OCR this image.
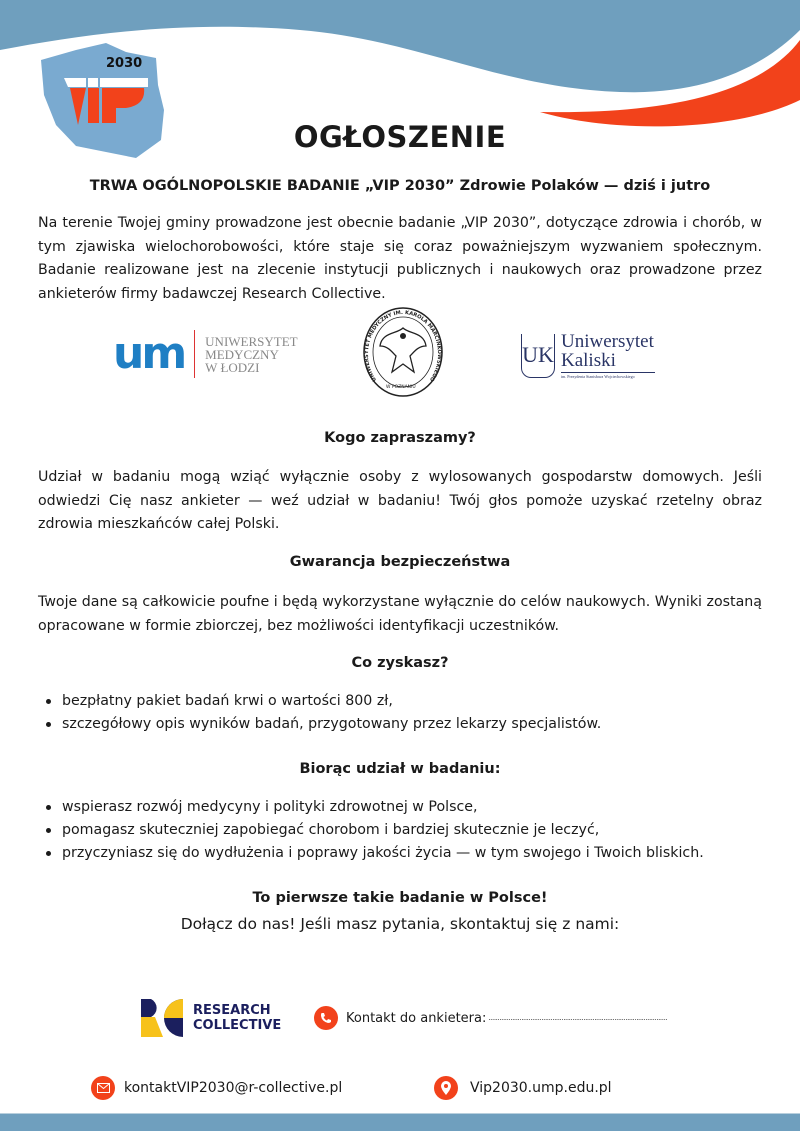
2030
OGŁOSZENIE
TRWA OGÓLNOPOLSKIE BADANIE „VIP 2030” Zdrowie Polaków — dziś i jutro
Na terenie Twojej gminy prowadzone jest obecnie badanie „VIP 2030”, dotyczące zdrowia i chorób, w tym zjawiska wielochorobowości, które staje się coraz poważniejszym wyzwaniem społecznym. Badanie realizowane jest na zlecenie instytucji publicznych i naukowych oraz prowadzone przez ankieterów firmy badawczej Research Collective.
um UNIWERSYTET
MEDYCZNY
W ŁODZI
UNIWERSYTET MEDYCZNY IM. KAROLA MARCINKOWSKIEGO
W POZNANIU
UK
Uniwersytet
Kaliski
im. Prezydenta Stanisława Wojciechowskiego
Kogo zapraszamy?
Udział w badaniu mogą wziąć wyłącznie osoby z wylosowanych gospodarstw domowych. Jeśli odwiedzi Cię nasz ankieter — weź udział w badaniu! Twój głos pomoże uzyskać rzetelny obraz zdrowia mieszkańców całej Polski.
Gwarancja bezpieczeństwa
Twoje dane są całkowicie poufne i będą wykorzystane wyłącznie do celów naukowych. Wyniki zostaną opracowane w formie zbiorczej, bez możliwości identyfikacji uczestników.
Co zyskasz?
bezpłatny pakiet badań krwi o wartości 800 zł,
szczegółowy opis wyników badań, przygotowany przez lekarzy specjalistów.
Biorąc udział w badaniu:
wspierasz rozwój medycyny i polityki zdrowotnej w Polsce,
pomagasz skuteczniej zapobiegać chorobom i bardziej skutecznie je leczyć,
przyczyniasz się do wydłużenia i poprawy jakości życia — w tym swojego i Twoich bliskich.
To pierwsze takie badanie w Polsce!
Dołącz do nas! Jeśli masz pytania, skontaktuj się z nami:
RESEARCH
COLLECTIVE	Kontakt do ankietera: ..................................................................................................
kontaktVIP2030@r-collective.pl	Vip2030.ump.edu.pl
